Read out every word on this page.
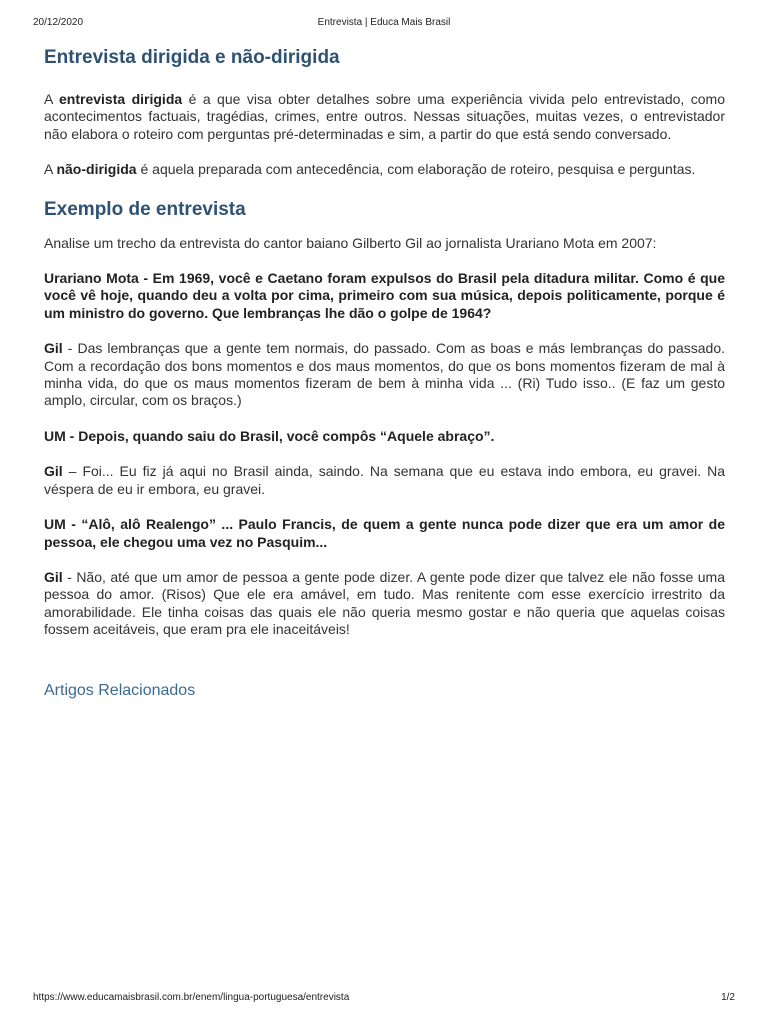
20/12/2020	Entrevista | Educa Mais Brasil
Entrevista dirigida e não-dirigida

A entrevista dirigida é a que visa obter detalhes sobre uma experiência vivida pelo entrevistado, como acontecimentos factuais, tragédias, crimes, entre outros. Nessas situações, muitas vezes, o entrevistador não elabora o roteiro com perguntas pré-determinadas e sim, a partir do que está sendo conversado.

A não-dirigida é aquela preparada com antecedência, com elaboração de roteiro, pesquisa e perguntas.

Exemplo de entrevista

Analise um trecho da entrevista do cantor baiano Gilberto Gil ao jornalista Urariano Mota em 2007:

Urariano Mota - Em 1969, você e Caetano foram expulsos do Brasil pela ditadura militar. Como é que você vê hoje, quando deu a volta por cima, primeiro com sua música, depois politicamente, porque é um ministro do governo. Que lembranças lhe dão o golpe de 1964?

Gil - Das lembranças que a gente tem normais, do passado. Com as boas e más lembranças do passado. Com a recordação dos bons momentos e dos maus momentos, do que os bons momentos fizeram de mal à minha vida, do que os maus momentos fizeram de bem à minha vida ... (Ri) Tudo isso.. (E faz um gesto amplo, circular, com os braços.)

UM - Depois, quando saiu do Brasil, você compôs “Aquele abraço”.

Gil – Foi... Eu fiz já aqui no Brasil ainda, saindo. Na semana que eu estava indo embora, eu gravei. Na véspera de eu ir embora, eu gravei.

UM - “Alô, alô Realengo” ... Paulo Francis, de quem a gente nunca pode dizer que era um amor de pessoa, ele chegou uma vez no Pasquim...

Gil - Não, até que um amor de pessoa a gente pode dizer. A gente pode dizer que talvez ele não fosse uma pessoa do amor. (Risos) Que ele era amável, em tudo. Mas renitente com esse exercício irrestrito da amorabilidade. Ele tinha coisas das quais ele não queria mesmo gostar e não queria que aquelas coisas fossem aceitáveis, que eram pra ele inaceitáveis!

Artigos Relacionados
https://www.educamaisbrasil.com.br/enem/lingua-portuguesa/entrevista	1/2
